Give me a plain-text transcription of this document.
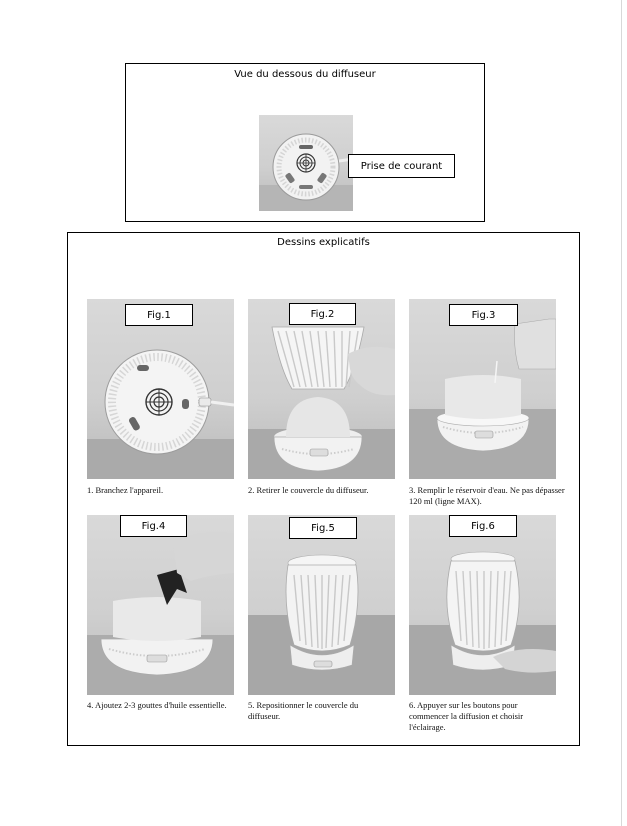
Vue du dessous du diffuseur
Prise de courant
Dessins explicatifs
Fig.1
1. Branchez l'appareil.
Fig.2
2. Retirer le couvercle du diffuseur.
Fig.3
3. Remplir le réservoir d'eau. Ne pas dépasser 120 ml (ligne MAX).
Fig.4
4. Ajoutez 2-3 gouttes d'huile essentielle.
Fig.5
5. Repositionner le couvercle du diffuseur.
Fig.6
6. Appuyer sur les boutons pour commencer la diffusion et choisir l'éclairage.
